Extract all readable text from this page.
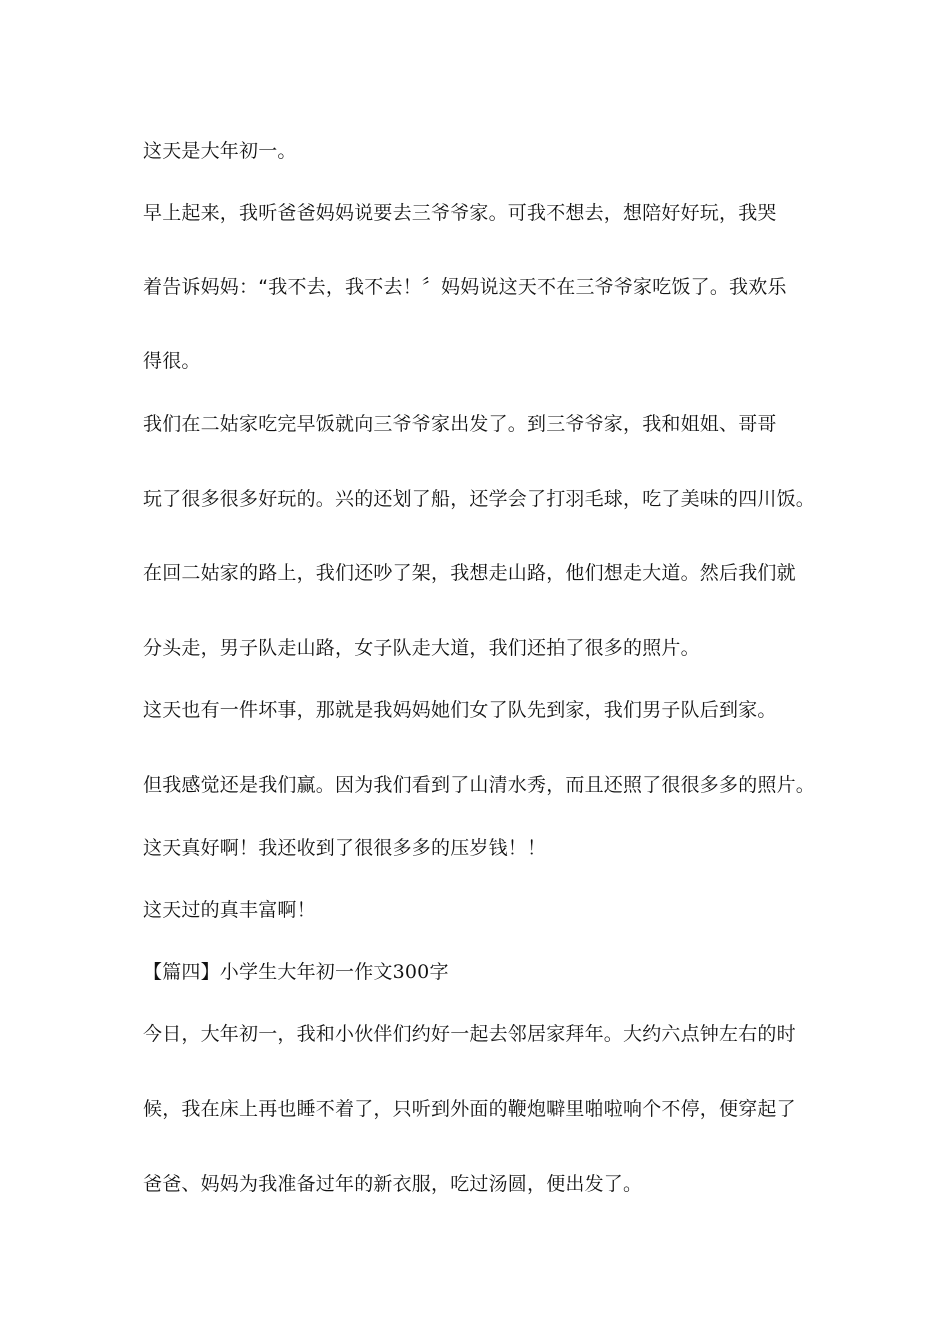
这天是大年初一。
早上起来，我听爸爸妈妈说要去三爷爷家。可我不想去，想陪好好玩，我哭
着告诉妈妈：“我不去，我不去！〞妈妈说这天不在三爷爷家吃饭了。我欢乐
得很。
我们在二姑家吃完早饭就向三爷爷家出发了。到三爷爷家，我和姐姐、哥哥
玩了很多很多好玩的。兴的还划了船，还学会了打羽毛球，吃了美味的四川饭。
在回二姑家的路上，我们还吵了架，我想走山路，他们想走大道。然后我们就
分头走，男子队走山路，女子队走大道，我们还拍了很多的照片。
这天也有一件坏事，那就是我妈妈她们女了队先到家，我们男子队后到家。
但我感觉还是我们赢。因为我们看到了山清水秀，而且还照了很很多多的照片。
这天真好啊！我还收到了很很多多的压岁钱！！
这天过的真丰富啊！
【篇四】小学生大年初一作文300字
今日，大年初一，我和小伙伴们约好一起去邻居家拜年。大约六点钟左右的时
候，我在床上再也睡不着了，只听到外面的鞭炮噼里啪啦响个不停，便穿起了
爸爸、妈妈为我准备过年的新衣服，吃过汤圆，便出发了。
